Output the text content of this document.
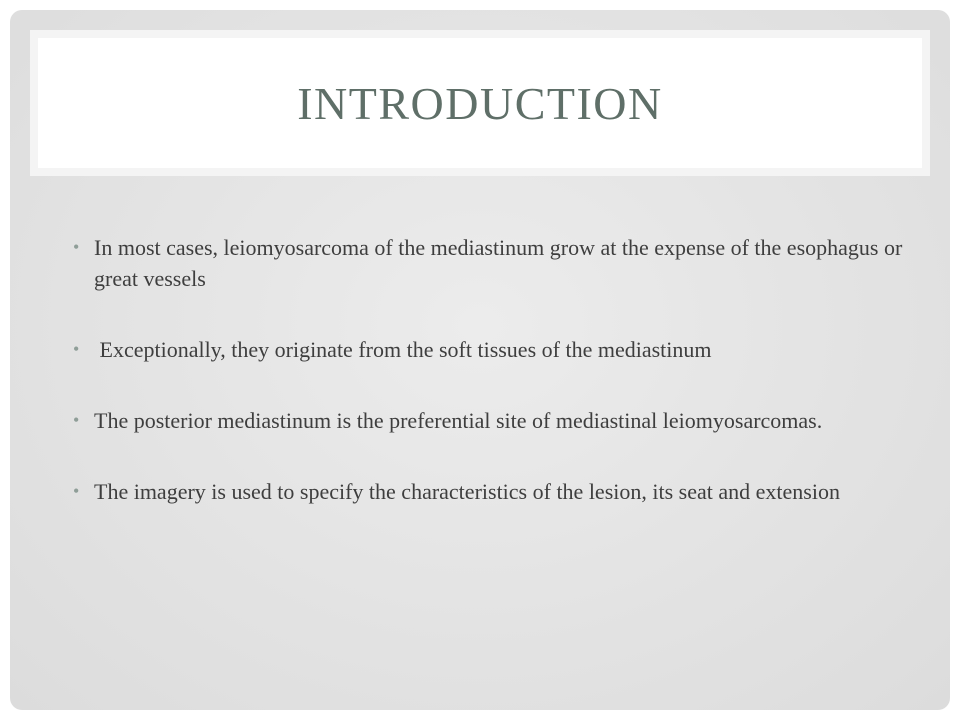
INTRODUCTION
• In most cases, leiomyosarcoma of the mediastinum grow at the expense of the esophagus or great vessels
• Exceptionally, they originate from the soft tissues of the mediastinum
• The posterior mediastinum is the preferential site of mediastinal leiomyosarcomas.
• The imagery is used to specify the characteristics of the lesion, its seat and extension
